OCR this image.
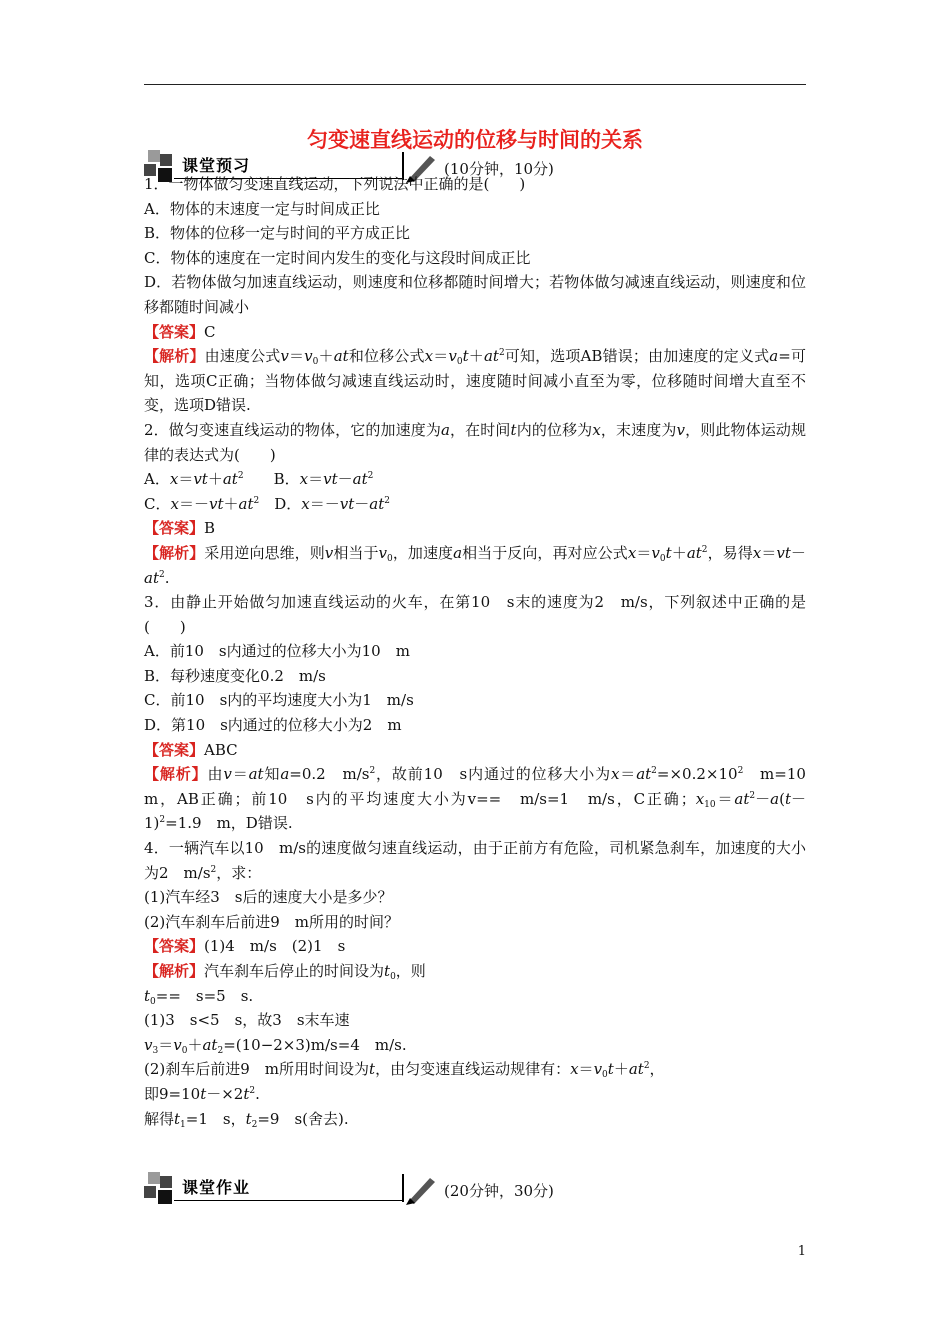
匀变速直线运动的位移与时间的关系
课堂预习	(10分钟，10分)

1．一物体做匀变速直线运动，下列说法中正确的是(　　)

A．物体的末速度一定与时间成正比

B．物体的位移一定与时间的平方成正比

C．物体的速度在一定时间内发生的变化与这段时间成正比

D．若物体做匀加速直线运动，则速度和位移都随时间增大；若物体做匀减速直线运动，则速度和位移都随时间减小

【答案】C

【解析】由速度公式$v=v_0+at$和位移公式$x=v_0t+at^2$可知，选项AB错误；由加速度的定义式a=可知，选项C正确；当物体做匀减速直线运动时，速度随时间减小直至为零，位移随时间增大直至不变，选项D错误.

2．做匀变速直线运动的物体，它的加速度为a，在时间t内的位移为x，末速度为v，则此物体运动规律的表达式为(　　)

A．$x=vt+at^2$　　B．$x=vt-at^2$

C．$x=-vt+at^2$　D．$x=-vt-at^2$

【答案】B

【解析】采用逆向思维，则v相当于$v_0$，加速度a相当于反向，再对应公式$x=v_0t+at^2$，易得$x=vt-at^2$.

3．由静止开始做匀加速直线运动的火车，在第10　s末的速度为2　m/s，下列叙述中正确的是(　　)

A．前10　s内通过的位移大小为10　m

B．每秒速度变化0.2　m/s

C．前10　s内的平均速度大小为1　m/s

D．第10　s内通过的位移大小为2　m

【答案】ABC

【解析】由v＝at知a=0.2　$m/s^2$，故前10　s内通过的位移大小为$x=at^2=\times 0.2\times 10^2$　m=10　m，AB正确；前10　s内的平均速度大小为v==　m/s=1　m/s，C正确；$x_{10}=at^2-a(t-1)^2=1.9$　m，D错误.

4．一辆汽车以10　m/s的速度做匀速直线运动，由于正前方有危险，司机紧急刹车，加速度的大小为2　$m/s^2$，求：

(1)汽车经3　s后的速度大小是多少？

(2)汽车刹车后前进9　m所用的时间？

【答案】(1)4　m/s　(2)1　s

【解析】汽车刹车后停止的时间设为$t_0$，则

$t_0==$　s=5　s.

(1)3　s<5　s，故3　s末车速

$v_3=v_0+at_2=(10-2\times 3)m/s=4$　m/s.

(2)刹车后前进9　m所用时间设为t，由匀变速直线运动规律有：$x=v_0t+at^2$，

即$9=10t-\times 2t^2$.

解得$t_1=1$　s，$t_2=9$　s(舍去).

课堂作业	(20分钟，30分)
1
